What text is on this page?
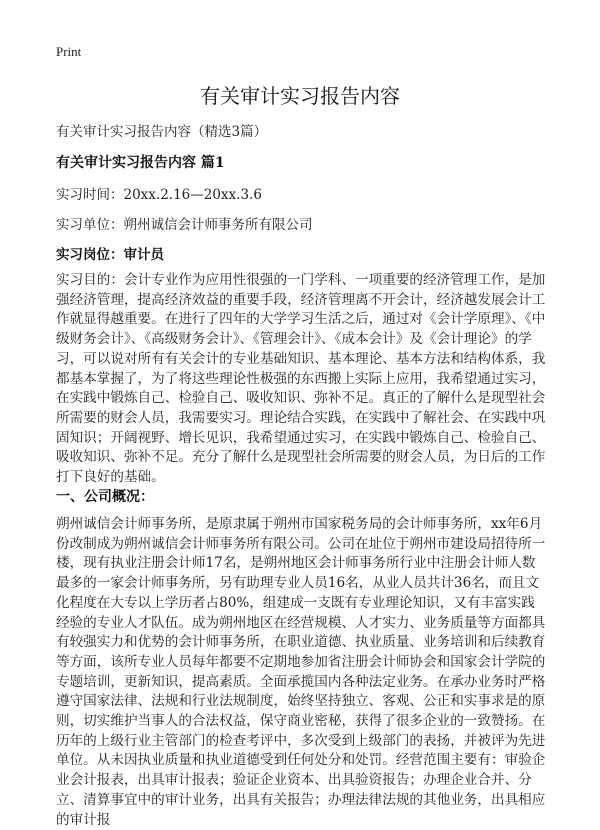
Print
有关审计实习报告内容
有关审计实习报告内容（精选3篇）
有关审计实习报告内容 篇1
实习时间：20xx.2.16—20xx.3.6
实习单位：朔州诚信会计师事务所有限公司
实习岗位：审计员
实习目的：会计专业作为应用性很强的一门学科、一项重要的经济管理工作，是加强经济管理，提高经济效益的重要手段，经济管理离不开会计，经济越发展会计工作就显得越重要。在进行了四年的大学学习生活之后，通过对《会计学原理》、《中级财务会计》、《高级财务会计》、《管理会计》、《成本会计》及《会计理论》的学习，可以说对所有有关会计的专业基础知识、基本理论、基本方法和结构体系，我都基本掌握了，为了将这些理论性极强的东西搬上实际上应用，我希望通过实习，在实践中锻炼自己、检验自己、吸收知识、弥补不足。真正的了解什么是现型社会所需要的财会人员，我需要实习。理论结合实践，在实践中了解社会、在实践中巩固知识；开阔视野、增长见识，我希望通过实习，在实践中锻炼自己、检验自己、吸收知识、弥补不足。充分了解什么是现型社会所需要的财会人员，为日后的工作打下良好的基础。
一、公司概况：
朔州诚信会计师事务所，是原隶属于朔州市国家税务局的会计师事务所，xx年6月份改制成为朔州诚信会计师事务所有限公司。公司在址位于朔州市建设局招待所一楼，现有执业注册会计师17名，是朔州地区会计师事务所行业中注册会计师人数最多的一家会计师事务所，另有助理专业人员16名，从业人员共计36名，而且文化程度在大专以上学历者占80%，组建成一支既有专业理论知识，又有丰富实践经验的专业人才队伍。成为朔州地区在经营规模、人才实力、业务质量等方面都具有较强实力和优势的会计师事务所，在职业道德、执业质量、业务培训和后续教育等方面，该所专业人员每年都要不定期地参加省注册会计师协会和国家会计学院的专题培训，更新知识，提高素质。全面承揽国内各种法定业务。在承办业务时严格遵守国家法律、法规和行业法规制度，始终坚持独立、客观、公正和实事求是的原则，切实维护当事人的合法权益，保守商业密秘，获得了很多企业的一致赞扬。在历年的上级行业主管部门的检查考评中，多次受到上级部门的表扬，并被评为先进单位。从未因执业质量和执业道德受到任何处分和处罚。经营范围主要有：审验企业会计报表，出具审计报表；验证企业资本、出具验资报告；办理企业合并、分立、清算事宜中的审计业务，出具有关报告；办理法律法规的其他业务，出具相应的审计报
